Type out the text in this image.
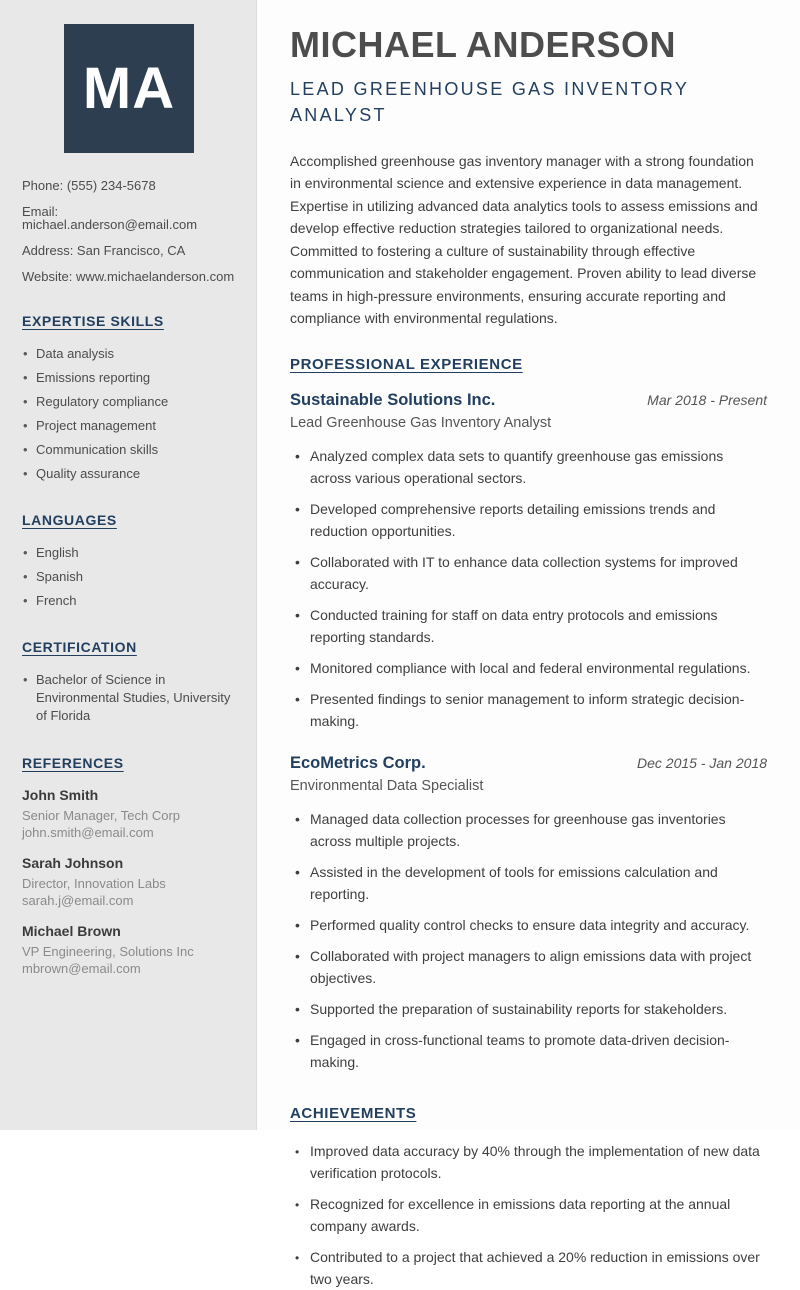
MA
Phone: (555) 234-5678
Email: michael.anderson@email.com
Address: San Francisco, CA
Website: www.michaelanderson.com
EXPERTISE SKILLS
• Data analysis
• Emissions reporting
• Regulatory compliance
• Project management
• Communication skills
• Quality assurance
LANGUAGES
• English
• Spanish
• French
CERTIFICATION
• Bachelor of Science in Environmental Studies, University of Florida
REFERENCES
John Smith
Senior Manager, Tech Corp
john.smith@email.com
Sarah Johnson
Director, Innovation Labs
sarah.j@email.com
Michael Brown
VP Engineering, Solutions Inc
mbrown@email.com
MICHAEL ANDERSON
LEAD GREENHOUSE GAS INVENTORY ANALYST

Accomplished greenhouse gas inventory manager with a strong foundation in environmental science and extensive experience in data management. Expertise in utilizing advanced data analytics tools to assess emissions and develop effective reduction strategies tailored to organizational needs. Committed to fostering a culture of sustainability through effective communication and stakeholder engagement. Proven ability to lead diverse teams in high-pressure environments, ensuring accurate reporting and compliance with environmental regulations.

PROFESSIONAL EXPERIENCE
Sustainable Solutions Inc.	Mar 2018 - Present
Lead Greenhouse Gas Inventory Analyst
• Analyzed complex data sets to quantify greenhouse gas emissions across various operational sectors.
• Developed comprehensive reports detailing emissions trends and reduction opportunities.
• Collaborated with IT to enhance data collection systems for improved accuracy.
• Conducted training for staff on data entry protocols and emissions reporting standards.
• Monitored compliance with local and federal environmental regulations.
• Presented findings to senior management to inform strategic decision-making.
EcoMetrics Corp.	Dec 2015 - Jan 2018
Environmental Data Specialist
• Managed data collection processes for greenhouse gas inventories across multiple projects.
• Assisted in the development of tools for emissions calculation and reporting.
• Performed quality control checks to ensure data integrity and accuracy.
• Collaborated with project managers to align emissions data with project objectives.
• Supported the preparation of sustainability reports for stakeholders.
• Engaged in cross-functional teams to promote data-driven decision-making.
ACHIEVEMENTS
• Improved data accuracy by 40% through the implementation of new data verification protocols.
• Recognized for excellence in emissions data reporting at the annual company awards.
• Contributed to a project that achieved a 20% reduction in emissions over two years.
